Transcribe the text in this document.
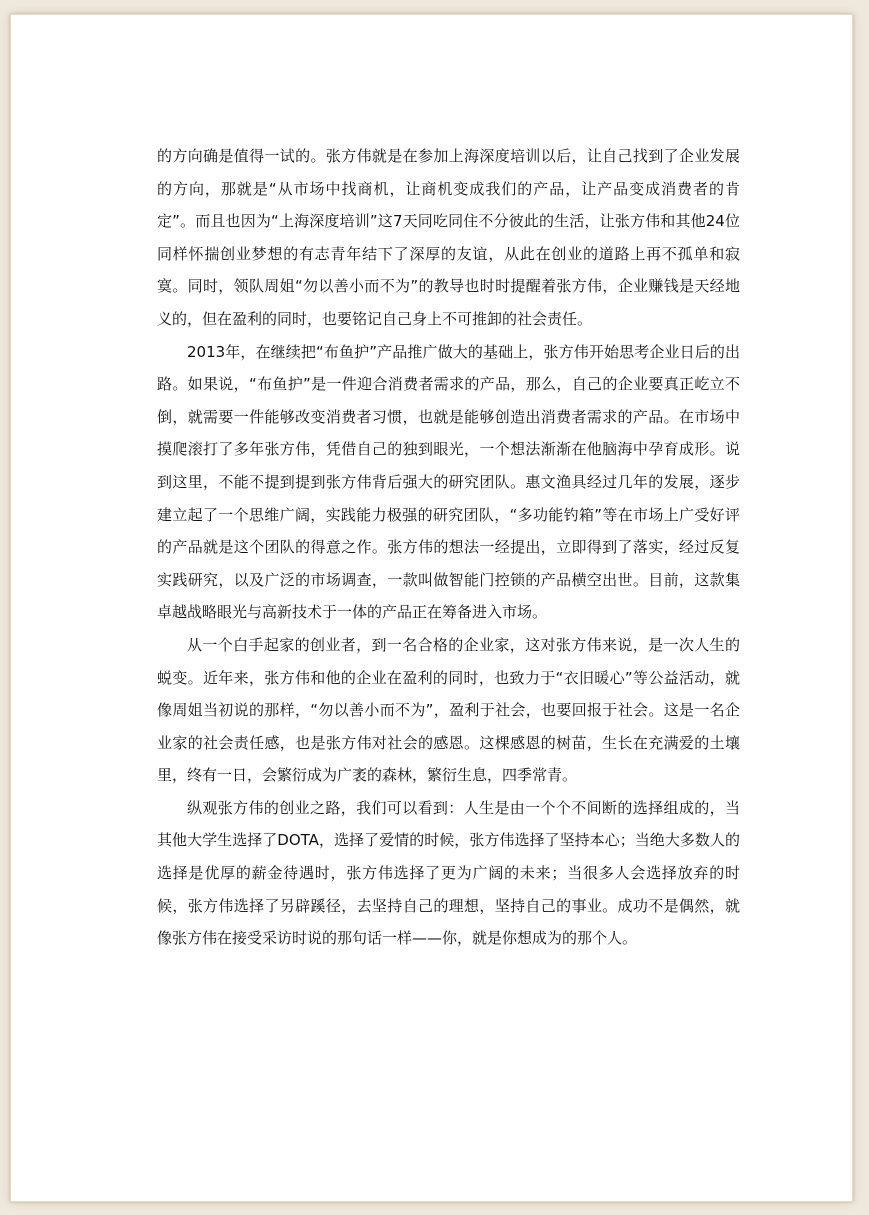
的方向确是值得一试的。张方伟就是在参加上海深度培训以后，让自己找到了企业发展的方向，那就是“从市场中找商机，让商机变成我们的产品，让产品变成消费者的肯定”。而且也因为“上海深度培训”这7天同吃同住不分彼此的生活，让张方伟和其他24位同样怀揣创业梦想的有志青年结下了深厚的友谊，从此在创业的道路上再不孤单和寂寞。同时，领队周姐“勿以善小而不为”的教导也时时提醒着张方伟，企业赚钱是天经地义的，但在盈利的同时，也要铭记自己身上不可推卸的社会责任。

2013年，在继续把“布鱼护”产品推广做大的基础上，张方伟开始思考企业日后的出路。如果说，“布鱼护”是一件迎合消费者需求的产品，那么，自己的企业要真正屹立不倒，就需要一件能够改变消费者习惯，也就是能够创造出消费者需求的产品。在市场中摸爬滚打了多年张方伟，凭借自己的独到眼光，一个想法渐渐在他脑海中孕育成形。说到这里，不能不提到提到张方伟背后强大的研究团队。惠文渔具经过几年的发展，逐步建立起了一个思维广阔，实践能力极强的研究团队，“多功能钓箱”等在市场上广受好评的产品就是这个团队的得意之作。张方伟的想法一经提出，立即得到了落实，经过反复实践研究，以及广泛的市场调查，一款叫做智能门控锁的产品横空出世。目前，这款集卓越战略眼光与高新技术于一体的产品正在筹备进入市场。

从一个白手起家的创业者，到一名合格的企业家，这对张方伟来说，是一次人生的蜕变。近年来，张方伟和他的企业在盈利的同时，也致力于“衣旧暖心”等公益活动，就像周姐当初说的那样，“勿以善小而不为”，盈利于社会，也要回报于社会。这是一名企业家的社会责任感，也是张方伟对社会的感恩。这棵感恩的树苗，生长在充满爱的土壤里，终有一日，会繁衍成为广袤的森林，繁衍生息，四季常青。

纵观张方伟的创业之路，我们可以看到：人生是由一个个不间断的选择组成的，当其他大学生选择了DOTA，选择了爱情的时候，张方伟选择了坚持本心；当绝大多数人的选择是优厚的薪金待遇时，张方伟选择了更为广阔的未来；当很多人会选择放弃的时候，张方伟选择了另辟蹊径，去坚持自己的理想，坚持自己的事业。成功不是偶然，就像张方伟在接受采访时说的那句话一样——你，就是你想成为的那个人。
